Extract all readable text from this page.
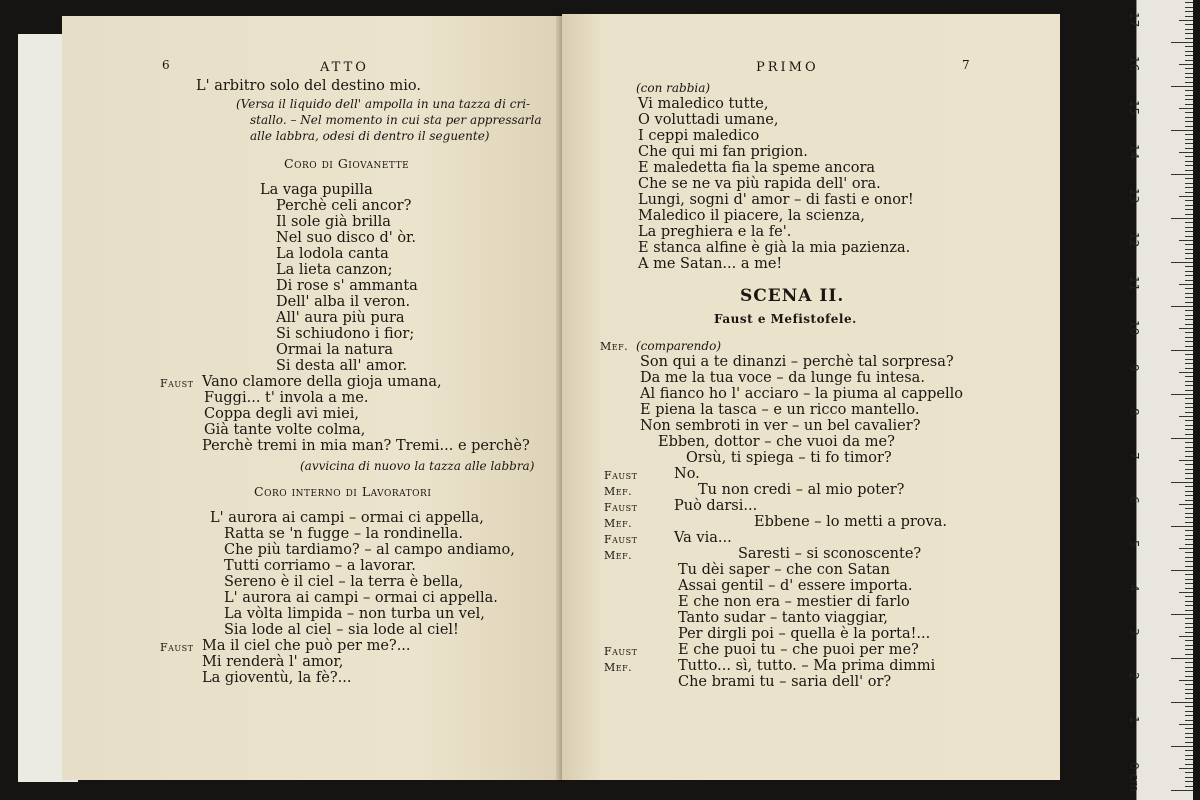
6	ATTO
L' arbitro solo del destino mio.
(Versa il liquido dell' ampolla in una tazza di cri-
stallo. – Nel momento in cui sta per appressarla
alle labbra, odesi di dentro il seguente)
Coro di Giovanette
La vaga pupilla
Perchè celi ancor?
Il sole già brilla
Nel suo disco d' òr.
La lodola canta
La lieta canzon;
Di rose s' ammanta
Dell' alba il veron.
All' aura più pura
Si schiudono i fior;
Ormai la natura
Si desta all' amor.
Faust Vano clamore della gioja umana,
Fuggi... t' invola a me.
Coppa degli avi miei,
Già tante volte colma,
Perchè tremi in mia man? Tremi... e perchè?
(avvicina di nuovo la tazza alle labbra)
Coro interno di Lavoratori
L' aurora ai campi – ormai ci appella,
Ratta se 'n fugge – la rondinella.
Che più tardiamo? – al campo andiamo,
Tutti corriamo – a lavorar.
Sereno è il ciel – la terra è bella,
L' aurora ai campi – ormai ci appella.
La vòlta limpida – non turba un vel,
Sia lode al ciel – sia lode al ciel!
Faust Ma il ciel che può per me?...
Mi renderà l' amor,
La gioventù, la fè?...
PRIMO	7
(con rabbia)
Vi maledico tutte,
O voluttadi umane,
I ceppi maledico
Che qui mi fan prigion.
E maledetta fia la speme ancora
Che se ne va più rapida dell' ora.
Lungi, sogni d' amor – di fasti e onor!
Maledico il piacere, la scienza,
La preghiera e la fe'.
E stanca alfine è già la mia pazienza.
A me Satan... a me!
SCENA II.
Faust e Mefistofele.
Mef. (comparendo)
Son qui a te dinanzi – perchè tal sorpresa?
Da me la tua voce – da lunge fu intesa.
Al fianco ho l' acciaro – la piuma al cappello
E piena la tasca – e un ricco mantello.
Non sembroti in ver – un bel cavalier?
Ebben, dottor – che vuoi da me?
Orsù, ti spiega – ti fo timor?
Faust	No.
Mef.	Tu non credi – al mio poter?
Faust	Può darsi...
Mef.	Ebbene – lo metti a prova.
Faust	Va via...
Mef.	Saresti – si sconoscente?
Tu dèi saper – che con Satan
Assai gentil – d' essere importa.
E che non era – mestier di farlo
Tanto sudar – tanto viaggiar,
Per dirgli poi – quella è la porta!...
Faust	E che puoi tu – che puoi per me?
Mef.	Tutto... sì, tutto. – Ma prima dimmi
Che brami tu – saria dell' or?
0 cm
1
2
3
4
5
6
7
8
9
10
11
12
13
14
15
16
17
